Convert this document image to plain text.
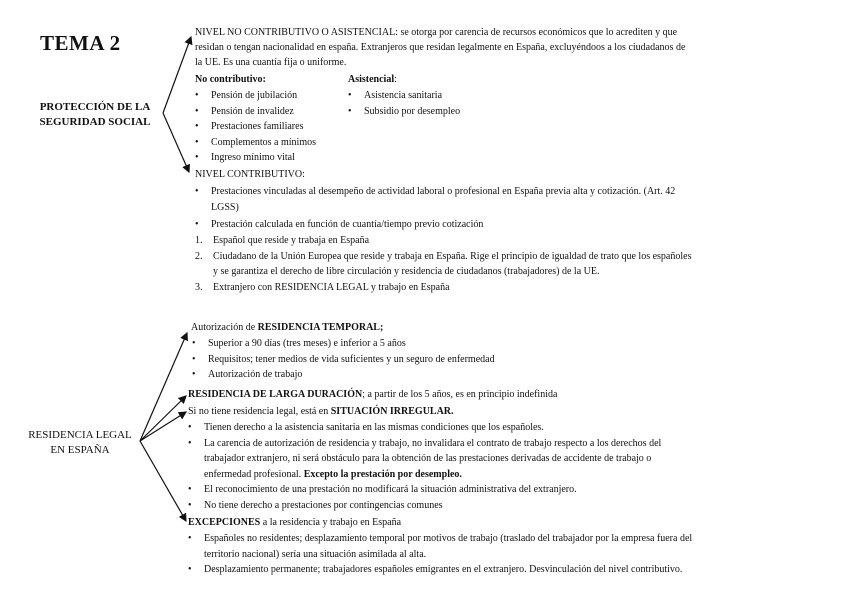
TEMA 2
PROTECCIÓN DE LA
SEGURIDAD SOCIAL
NIVEL NO CONTRIBUTIVO O ASISTENCIAL: se otorga por carencia de recursos económicos que lo acrediten y que
residan o tengan nacionalidad en españa. Extranjeros que residan legalmente en España, excluyéndoos a los ciudadanos de
la UE. Es una cuantía fija o uniforme.
No contributivo:
• Pensión de jubilación
• Pensión de invalidez
• Prestaciones familiares
• Complementos a mínimos
• Ingreso mínimo vital
Asistencial:
• Asistencia sanitaria
• Subsidio por desempleo
NIVEL CONTRIBUTIVO:
• Prestaciones vinculadas al desempeño de actividad laboral o profesional en España previa alta y cotización. (Art. 42
LGSS)
• Prestación calculada en función de cuantía/tiempo previo cotización
1. Español que reside y trabaja en España
2. Ciudadano de la Unión Europea que reside y trabaja en España. Rige el principio de igualdad de trato que los españoles
y se garantiza el derecho de libre circulación y residencia de ciudadanos (trabajadores) de la UE.
3. Extranjero con RESIDENCIA LEGAL y trabajo en España
RESIDENCIA LEGAL
EN ESPAÑA
Autorización de RESIDENCIA TEMPORAL;
• Superior a 90 días (tres meses) e inferior a 5 años
• Requisitos; tener medios de vida suficientes y un seguro de enfermedad
• Autorización de trabajo
RESIDENCIA DE LARGA DURACIÓN; a partir de los 5 años, es en principio indefinida
Si no tiene residencia legal, está en SITUACIÓN IRREGULAR.
• Tienen derecho a la asistencia sanitaria en las mismas condiciones que los españoles.
• La carencia de autorización de residencia y trabajo, no invalidara el contrato de trabajo respecto a los derechos del
trabajador extranjero, ni será obstáculo para la obtención de las prestaciones derivadas de accidente de trabajo o
enfermedad profesional. Excepto la prestación por desempleo.
• El reconocimiento de una prestación no modificará la situación administrativa del extranjero.
• No tiene derecho a prestaciones por contingencias comunes
EXCEPCIONES a la residencia y trabajo en España
• Españoles no residentes; desplazamiento temporal por motivos de trabajo (traslado del trabajador por la empresa fuera del
territorio nacional) sería una situación asimilada al alta.
• Desplazamiento permanente; trabajadores españoles emigrantes en el extranjero. Desvinculación del nivel contributivo.
